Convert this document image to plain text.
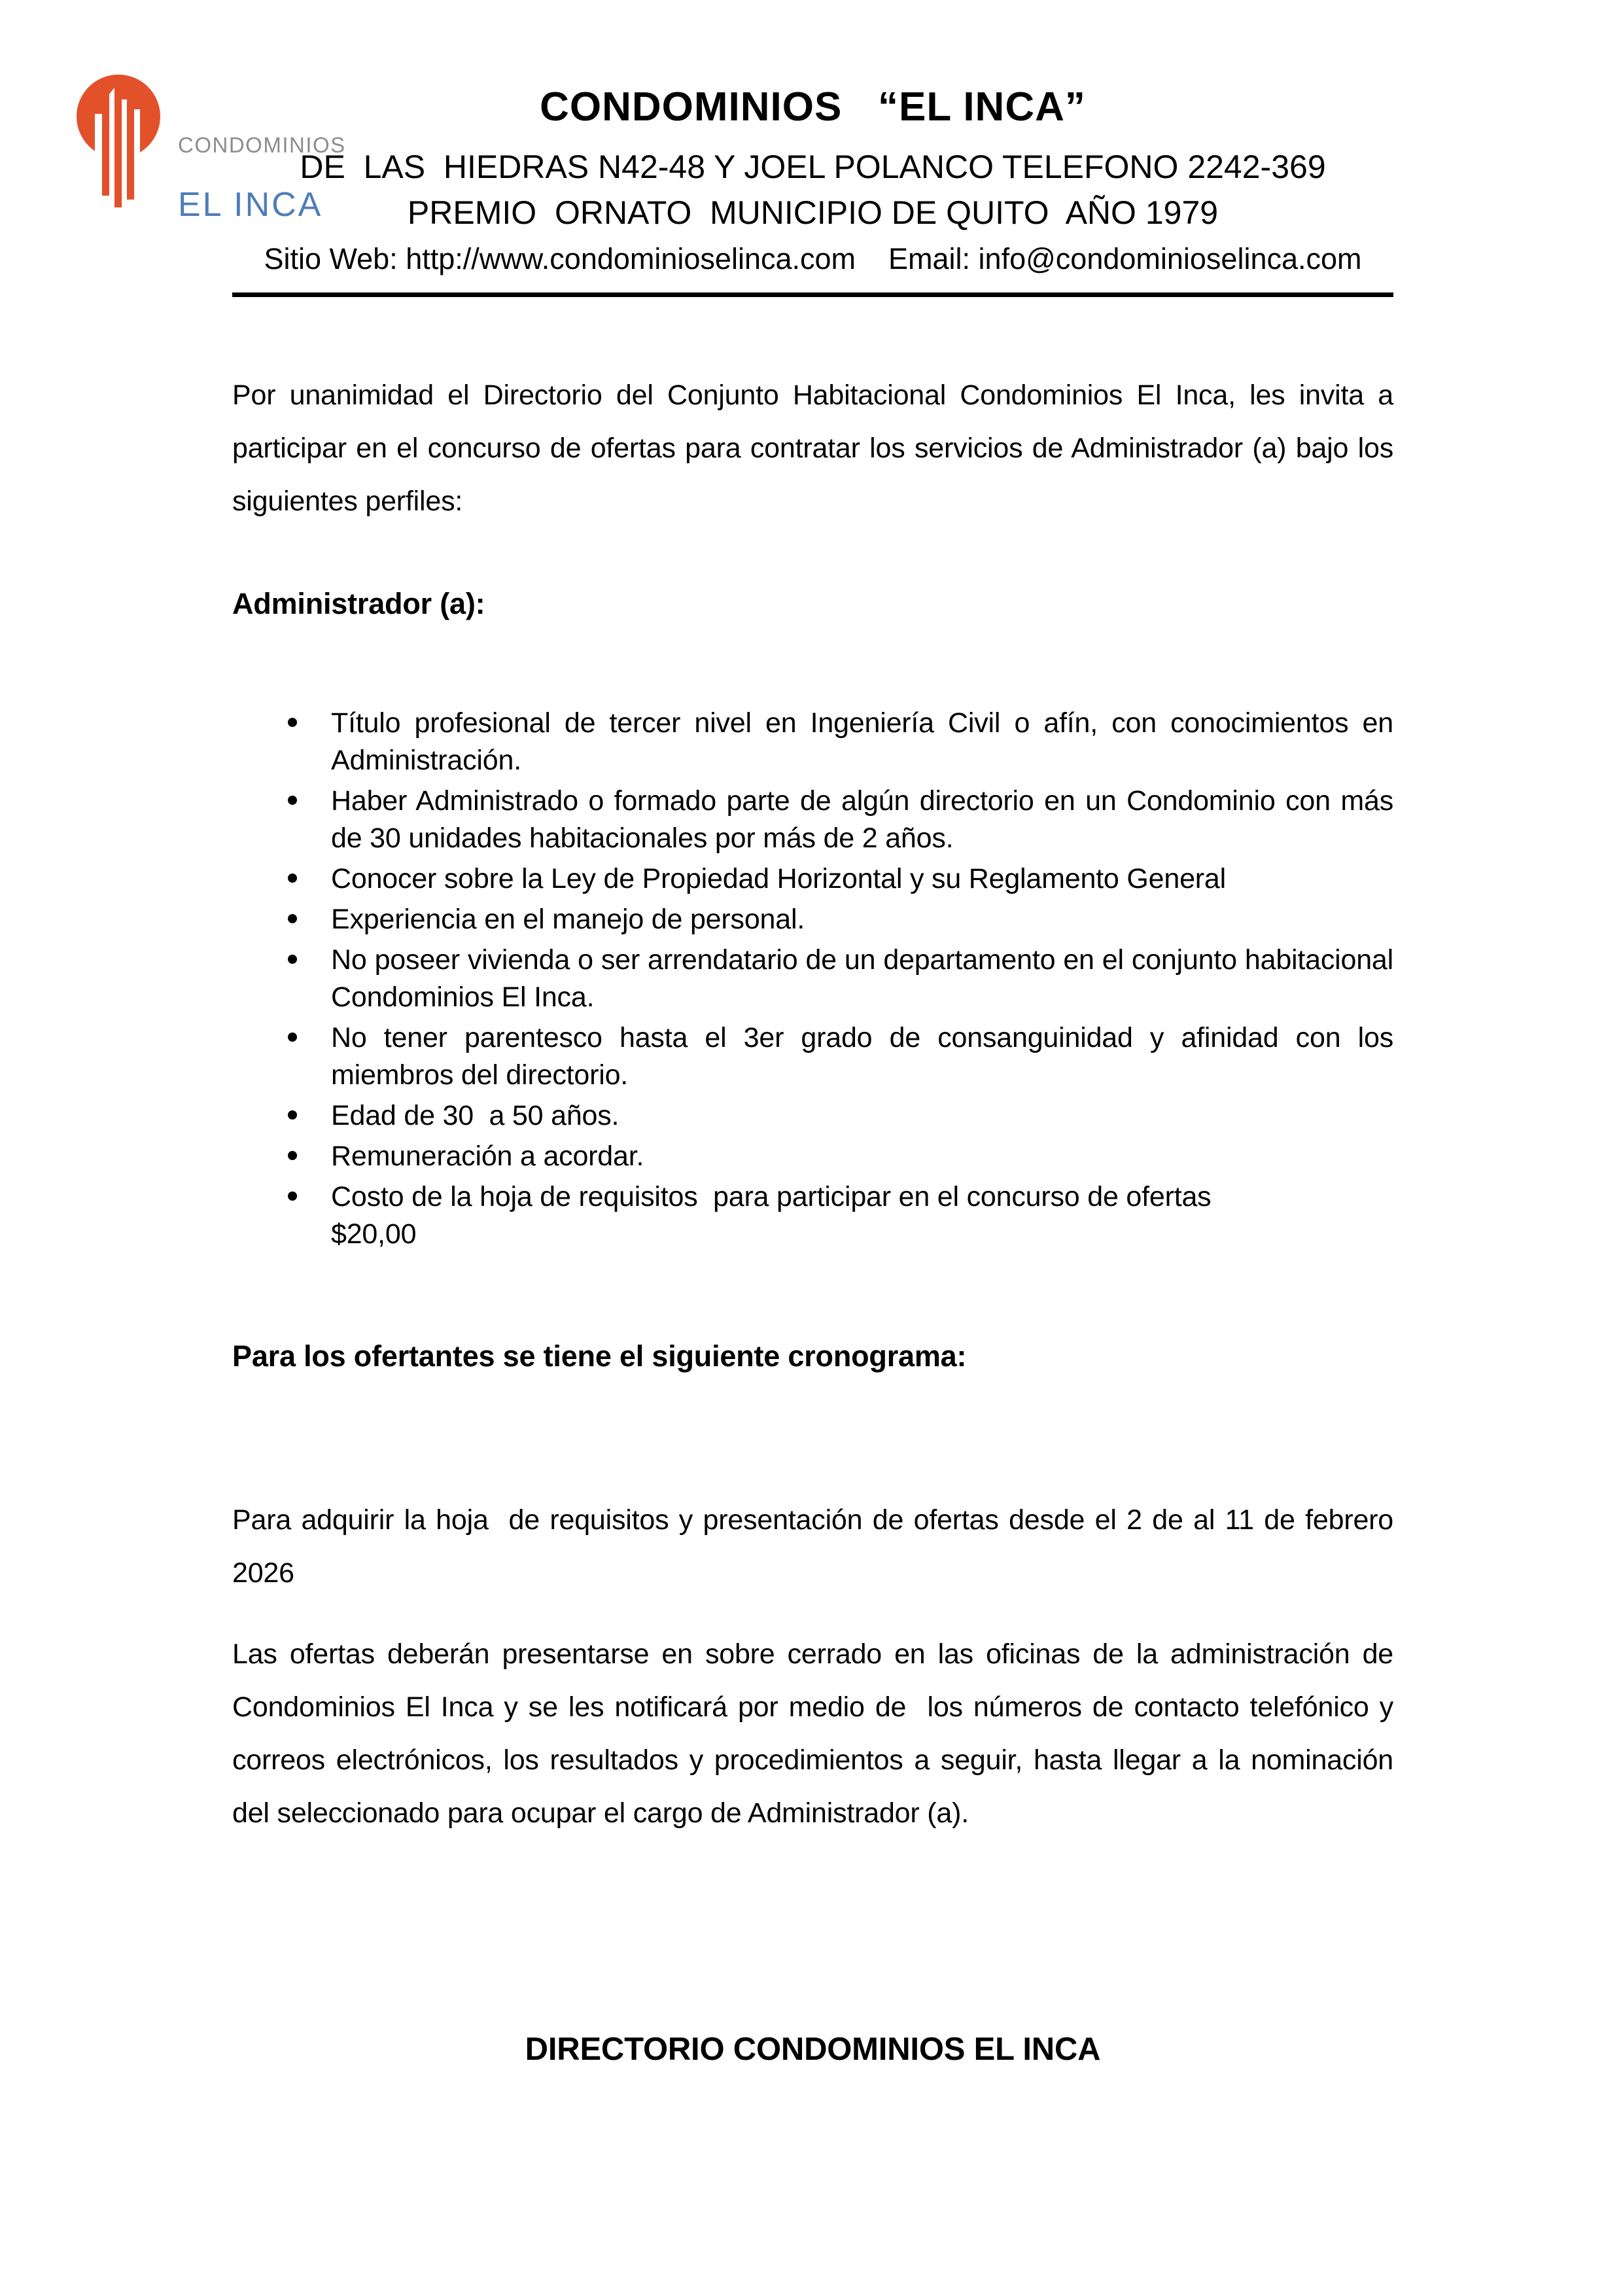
CONDOMINIOS

EL INCA

CONDOMINIOS   “EL INCA”
DE  LAS  HIEDRAS N42-48 Y JOEL POLANCO TELEFONO 2242-369
PREMIO  ORNATO  MUNICIPIO DE QUITO  AÑO 1979
Sitio Web: http://www.condominioselinca.com    Email: info@condominioselinca.com

Por unanimidad el Directorio del Conjunto Habitacional Condominios El Inca, les invita a participar en el concurso de ofertas para contratar los servicios de Administrador (a) bajo los siguientes perfiles:

Administrador (a):
Título profesional de tercer nivel en Ingeniería Civil o afín, con conocimientos en Administración.
Haber Administrado o formado parte de algún directorio en un Condominio con más de 30 unidades habitacionales por más de 2 años.
Conocer sobre la Ley de Propiedad Horizontal y su Reglamento General
Experiencia en el manejo de personal.
No poseer vivienda o ser arrendatario de un departamento en el conjunto habitacional Condominios El Inca.
No tener parentesco hasta el 3er grado de consanguinidad y afinidad con los miembros del directorio.
Edad de 30  a 50 años.
Remuneración a acordar.
Costo de la hoja de requisitos  para participar en el concurso de ofertas
$20,00
Para los ofertantes se tiene el siguiente cronograma:

Para adquirir la hoja  de requisitos y presentación de ofertas desde el 2 de al 11 de febrero 2026

Las ofertas deberán presentarse en sobre cerrado en las oficinas de la administración de  Condominios El Inca y se les notificará por medio de  los números de contacto telefónico y correos electrónicos, los resultados y procedimientos a seguir, hasta llegar a la nominación del seleccionado para ocupar el cargo de Administrador (a).

DIRECTORIO CONDOMINIOS EL INCA
